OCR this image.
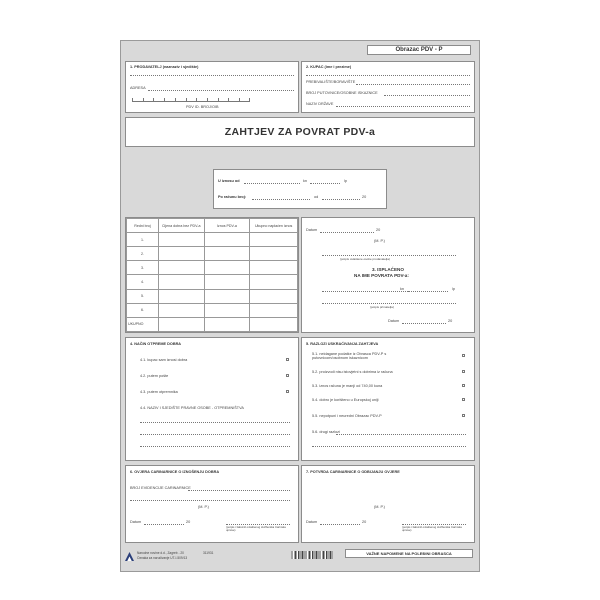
Obrazac PDV - P
1. PRODAVATELJ (naznaziv i sjedište)
ADRESA
PDV ID. BROJ/OIB
2. KUPAC (ime i prezime)
PREBIVALIŠTE/BORAVIŠTE
BROJ PUTOVNICE/OSOBNE ISKAZNICE
NAZIV DRŽAVE
ZAHTJEV ZA POVRAT PDV-a
U iznosu od	kn	lp
Po računu broj:	od	20
Redni broj	Cijena dobra bez PDV-a	Iznos PDV-a	Ukupno naplaćen iznos
1.			
2.			
3.			
4.			
5.			
6.			
UKUPNO			
Datum	20
(M. P.)
(potpis ovlaštene osobe prodavatelja)
3. ISPLAĆENO
NA IME POVRATA PDV-a:
kn	lp
(potpis primatelja)
Datum	20
4. NAČIN OTPREME DOBRA
4.1. kupac sam iznosi dobra
4.2. putem pošte
4.3. putem otpremnika
4.4. NAZIV I SJEDIŠTE PRAVNE OSOBE - OTPREMNIŠTVA
5. RAZLOZI USKRAĆIVANJA ZAHTJEVA
5.1. neidagane podatke iz Obrasca PDV-P s putovnicom/osobnom iskaznicom
5.2. proizvodi nisu istovjetni s dobrima iz računa
5.3. iznos računa je manji od 740,00 kuna
5.4. dobro je korišteno u Europskoj uniji
5.5. nepotpuni i neuredni Obrazac PDV-P
5.6. drugi razlozi
6. OVJERA CARINARNICE O IZNOŠENJU DOBRA
BROJ EVIDENCIJE CARINARNICE
(M. P.)
Datum	20
(potpis i faksimil ovlaštenog službenika Carinske uprave)
7. POTVRDA CARINARNICE O ODBIJANJU OVJERE
(M. P.)
Datum	20
(potpis i faksimil ovlaštenog službenika Carinske uprave)
Narodne novine d.d., Zagreb - 20
Oznaka za naručivanje UT-I-509/13
311931	VAŽNE NAPOMENE NA POLEĐINI OBRASCA
